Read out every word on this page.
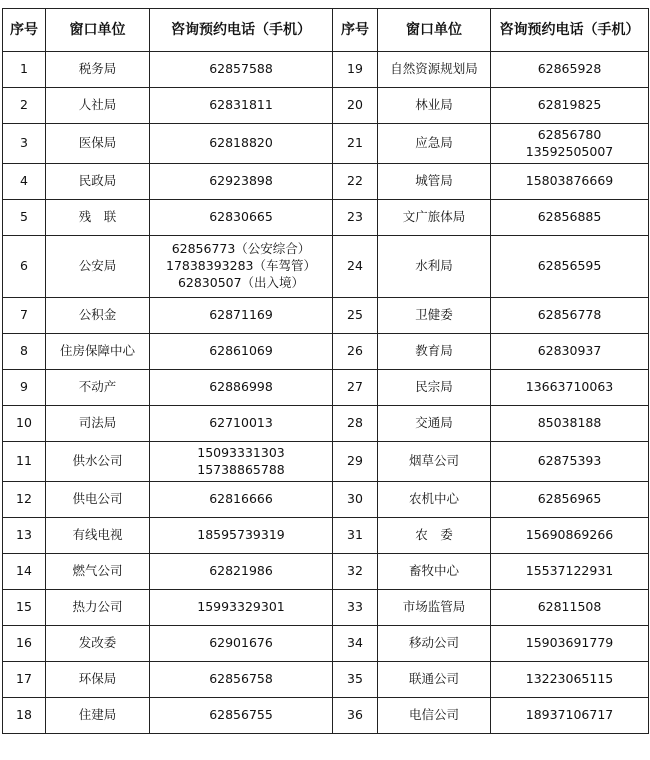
序号	窗口单位	咨询预约电话（手机）	序号	窗口单位	咨询预约电话（手机）
1	税务局	62857588	19	自然资源规划局	62865928

2	人社局	62831811	20	林业局	62819825

3	医保局	62818820	21	应急局	62856780
13592505007

4	民政局	62923898	22	城管局	15803876669

5	残　联	62830665	23	文广旅体局	62856885

6	公安局	62856773（公安综合）
17838393283（车驾管）
62830507（出入境）	24	水利局	62856595

7	公积金	62871169	25	卫健委	62856778

8	住房保障中心	62861069	26	教育局	62830937

9	不动产	62886998	27	民宗局	13663710063

10	司法局	62710013	28	交通局	85038188

11	供水公司	15093331303
15738865788	29	烟草公司	62875393

12	供电公司	62816666	30	农机中心	62856965

13	有线电视	18595739319	31	农　委	15690869266

14	燃气公司	62821986	32	畜牧中心	15537122931

15	热力公司	15993329301	33	市场监管局	62811508

16	发改委	62901676	34	移动公司	15903691779

17	环保局	62856758	35	联通公司	13223065115

18	住建局	62856755	36	电信公司	18937106717
